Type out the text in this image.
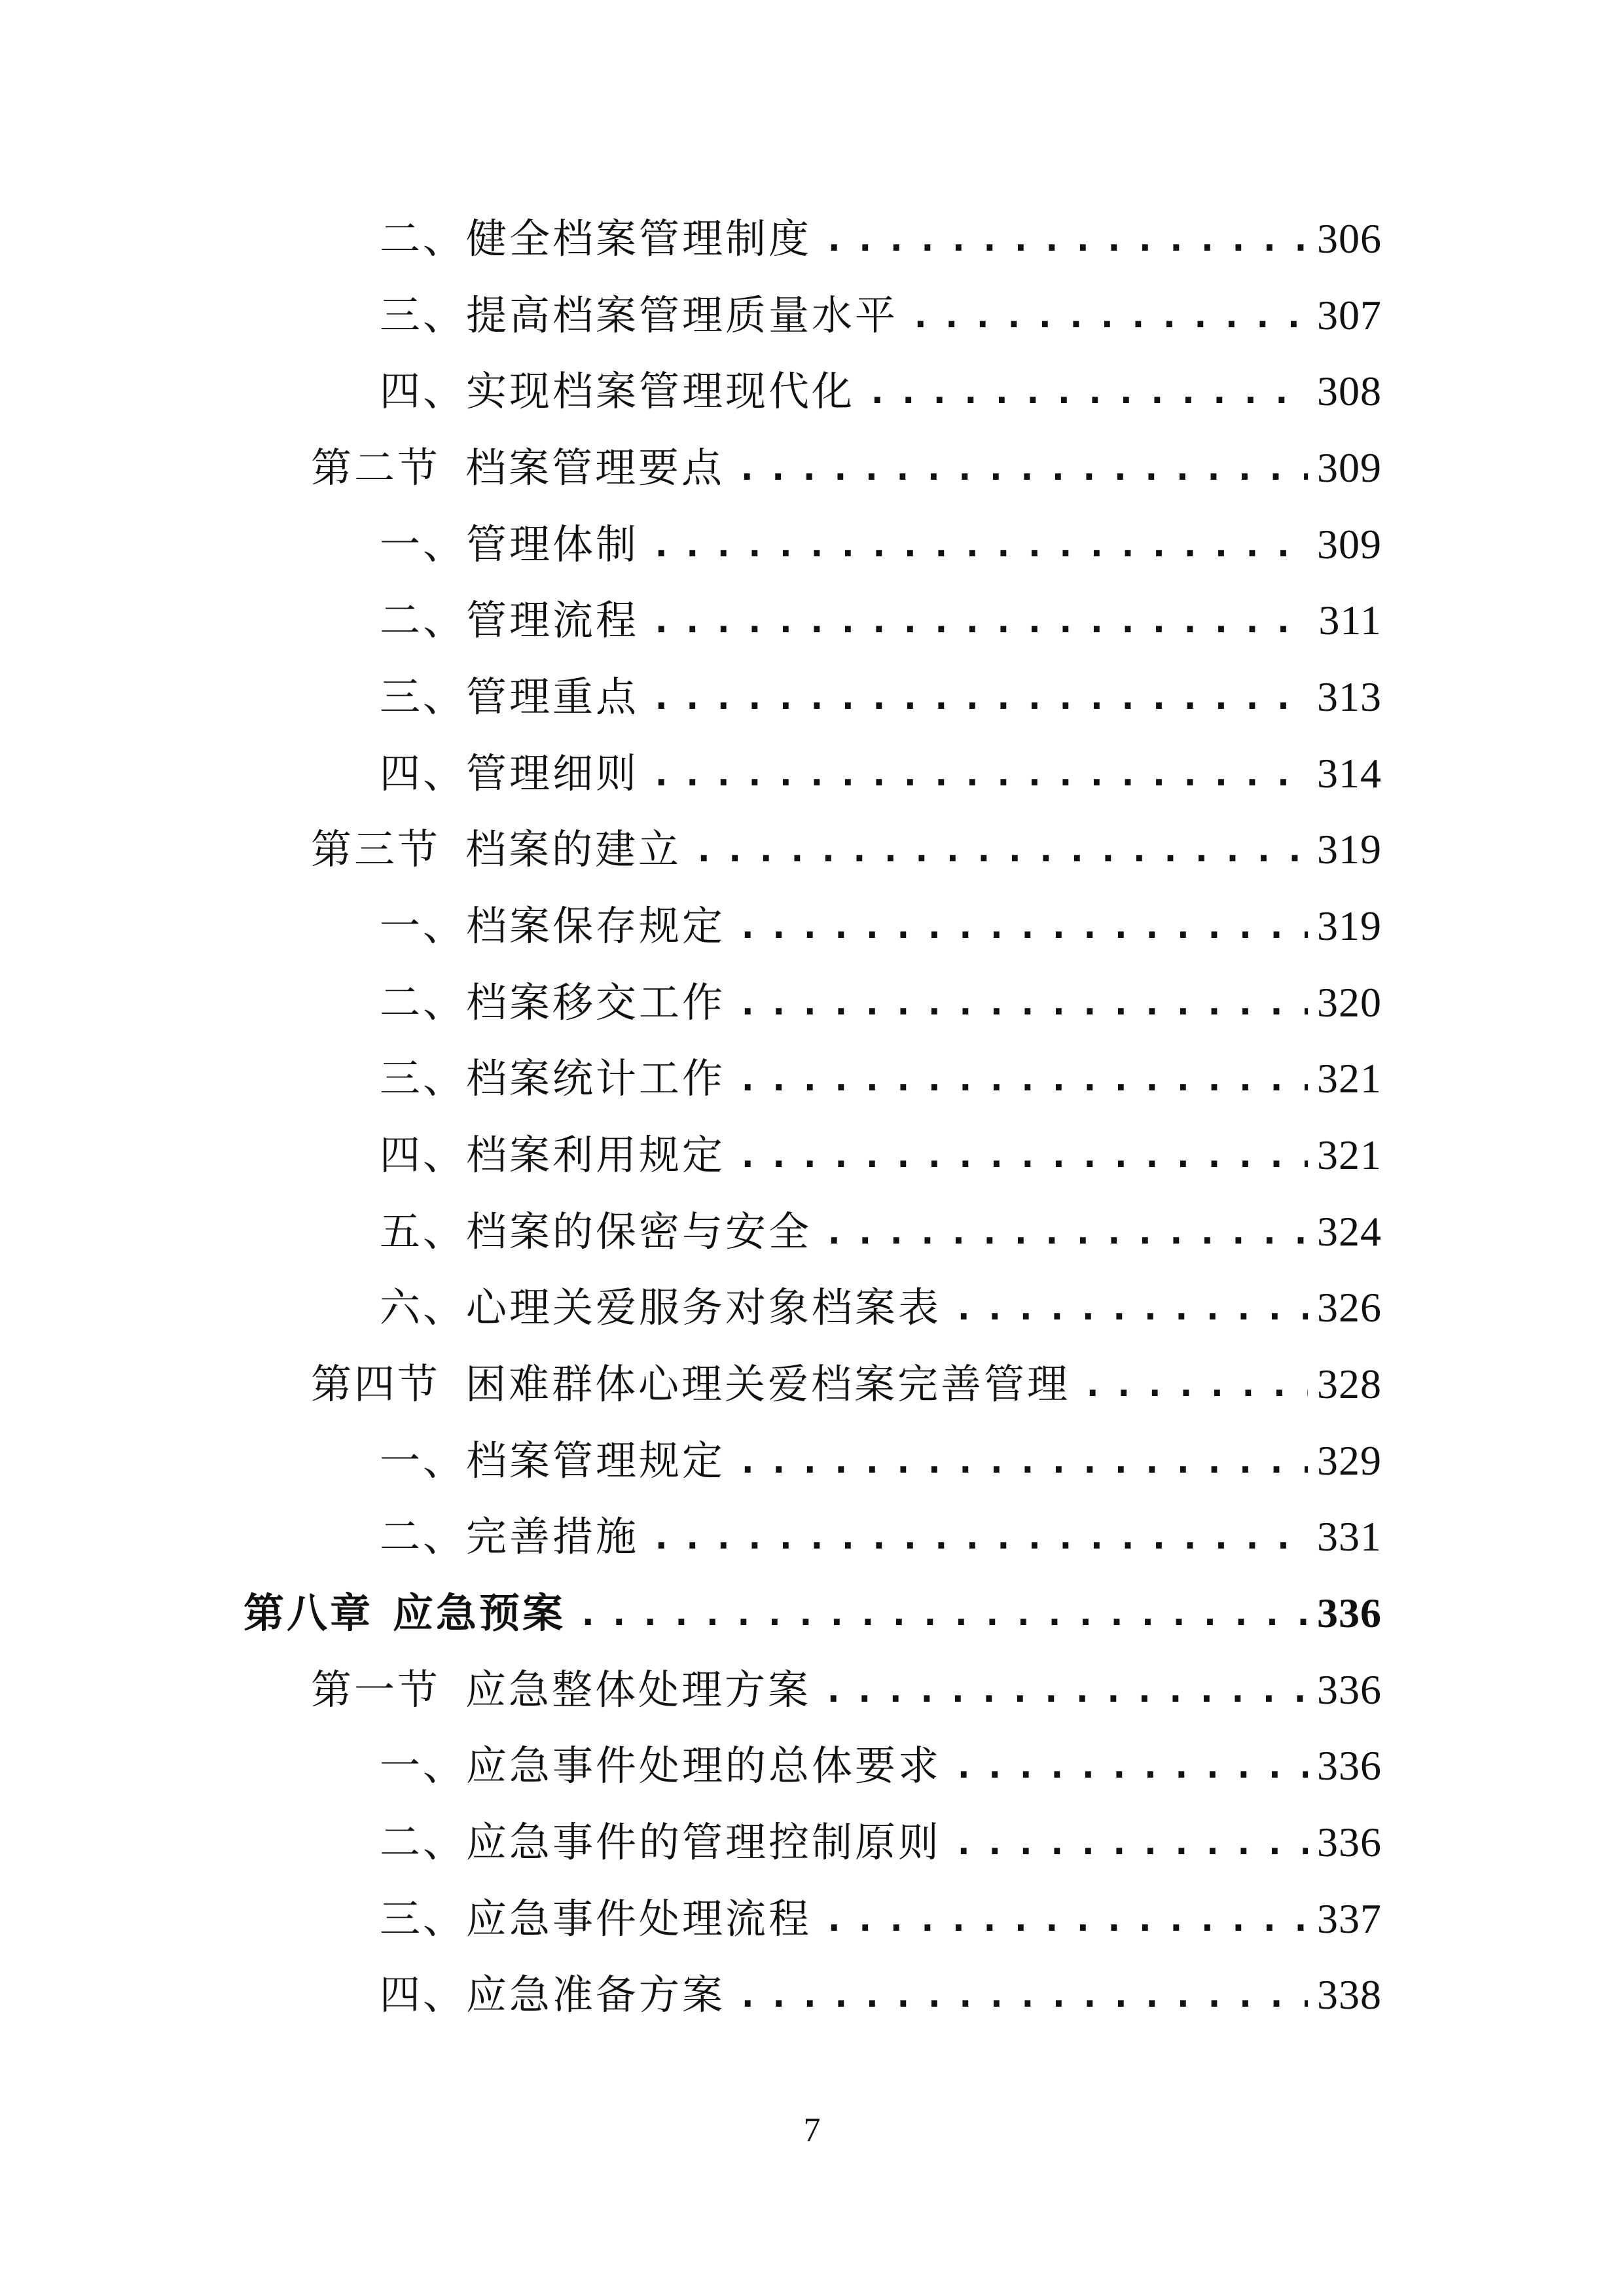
二、 健全档案管理制度 .....	306
三、 提高档案管理质量水平 .....	307
四、 实现档案管理现代化 .....	308
第二节 档案管理要点 .....	309
一、 管理体制 .....	309
二、 管理流程 .....	311
三、 管理重点 .....	313
四、 管理细则 .....	314
第三节 档案的建立 .....	319
一、 档案保存规定 .....	319
二、 档案移交工作 .....	320
三、 档案统计工作 .....	321
四、 档案利用规定 .....	321
五、 档案的保密与安全 .....	324
六、 心理关爱服务对象档案表 .....	326
第四节 困难群体心理关爱档案完善管理 .....	328
一、 档案管理规定 .....	329
二、 完善措施 .....	331
第八章 应急预案 .....	336
第一节 应急整体处理方案 .....	336
一、 应急事件处理的总体要求 .....	336
二、 应急事件的管理控制原则 .....	336
三、 应急事件处理流程 .....	337
四、 应急准备方案 .....	338
7
